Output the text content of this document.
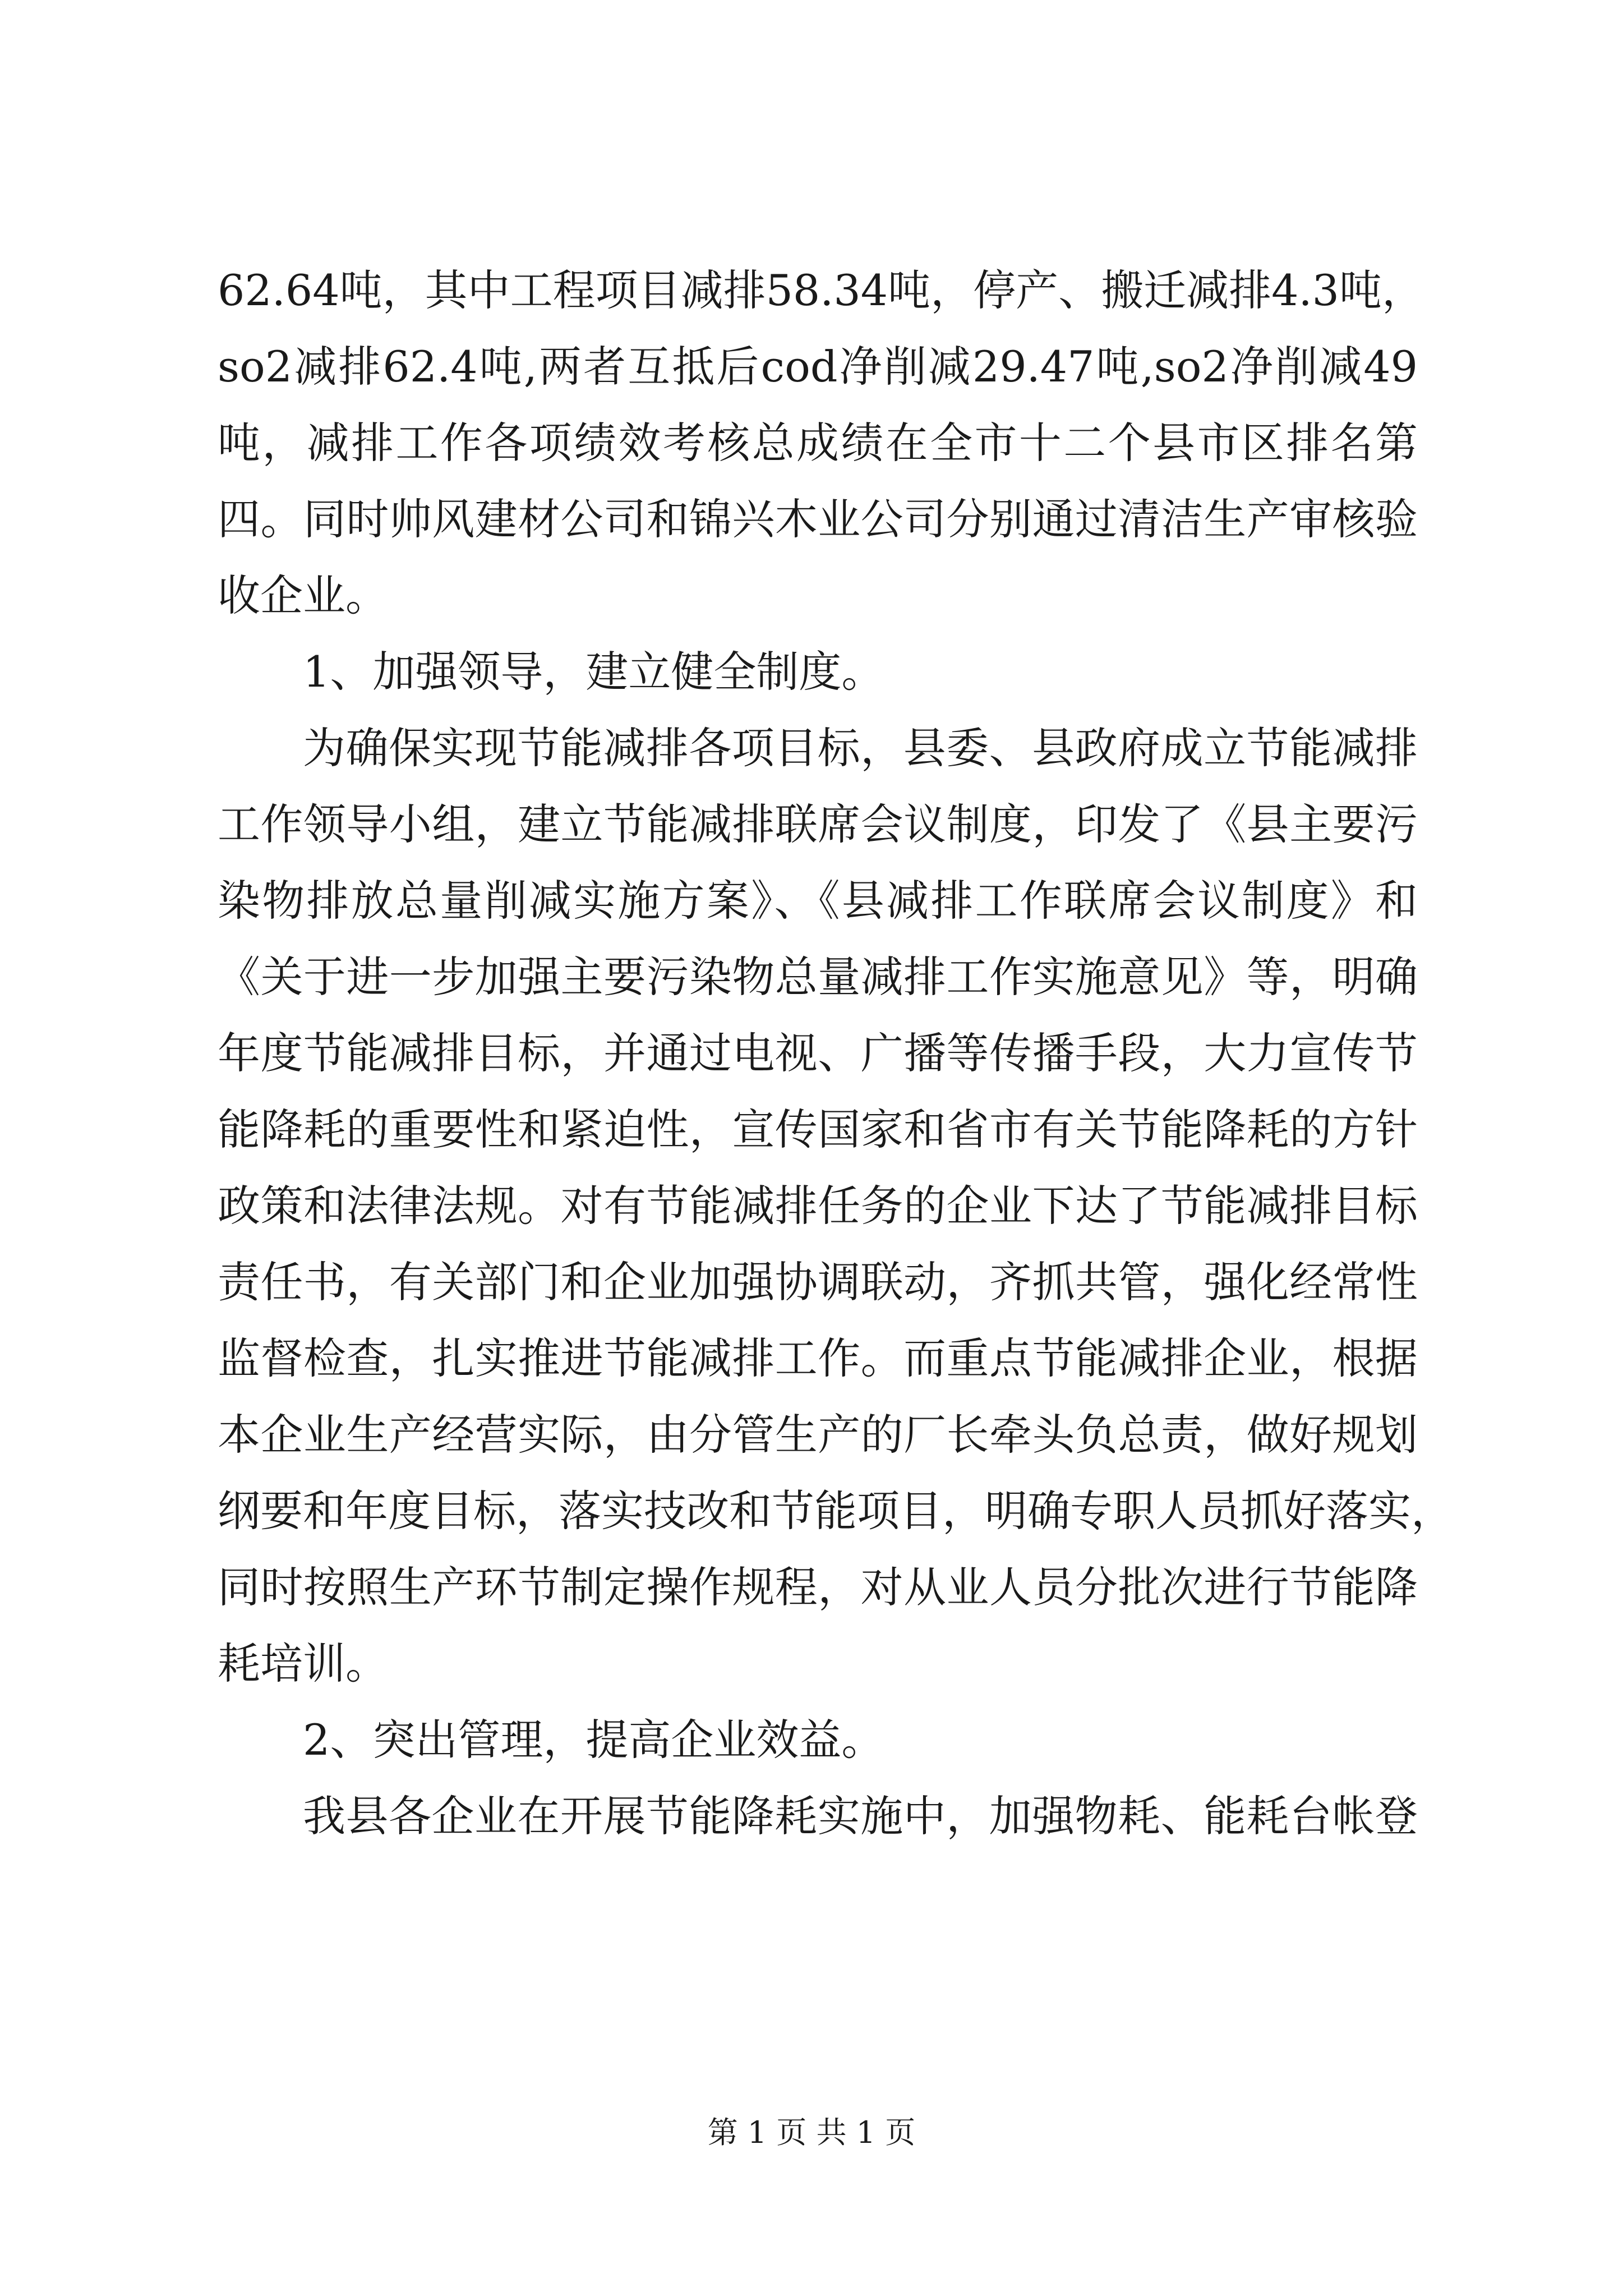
62.64吨，其中工程项目减排58.34吨，停产、搬迁减排4.3吨，
so2减排62.4吨,两者互抵后cod净削减29.47吨,so2净削减49
吨，减排工作各项绩效考核总成绩在全市十二个县市区排名第
四。同时帅风建材公司和锦兴木业公司分别通过清洁生产审核验
收企业。
1、加强领导，建立健全制度。
为确保实现节能减排各项目标，县委、县政府成立节能减排
工作领导小组，建立节能减排联席会议制度，印发了《县主要污
染物排放总量削减实施方案》、《县减排工作联席会议制度》和
《关于进一步加强主要污染物总量减排工作实施意见》等，明确
年度节能减排目标，并通过电视、广播等传播手段，大力宣传节
能降耗的重要性和紧迫性，宣传国家和省市有关节能降耗的方针
政策和法律法规。对有节能减排任务的企业下达了节能减排目标
责任书，有关部门和企业加强协调联动，齐抓共管，强化经常性
监督检查，扎实推进节能减排工作。而重点节能减排企业，根据
本企业生产经营实际，由分管生产的厂长牵头负总责，做好规划
纲要和年度目标，落实技改和节能项目，明确专职人员抓好落实，
同时按照生产环节制定操作规程，对从业人员分批次进行节能降
耗培训。
2、突出管理，提高企业效益。
我县各企业在开展节能降耗实施中，加强物耗、能耗台帐登
第 1 页 共 1 页
